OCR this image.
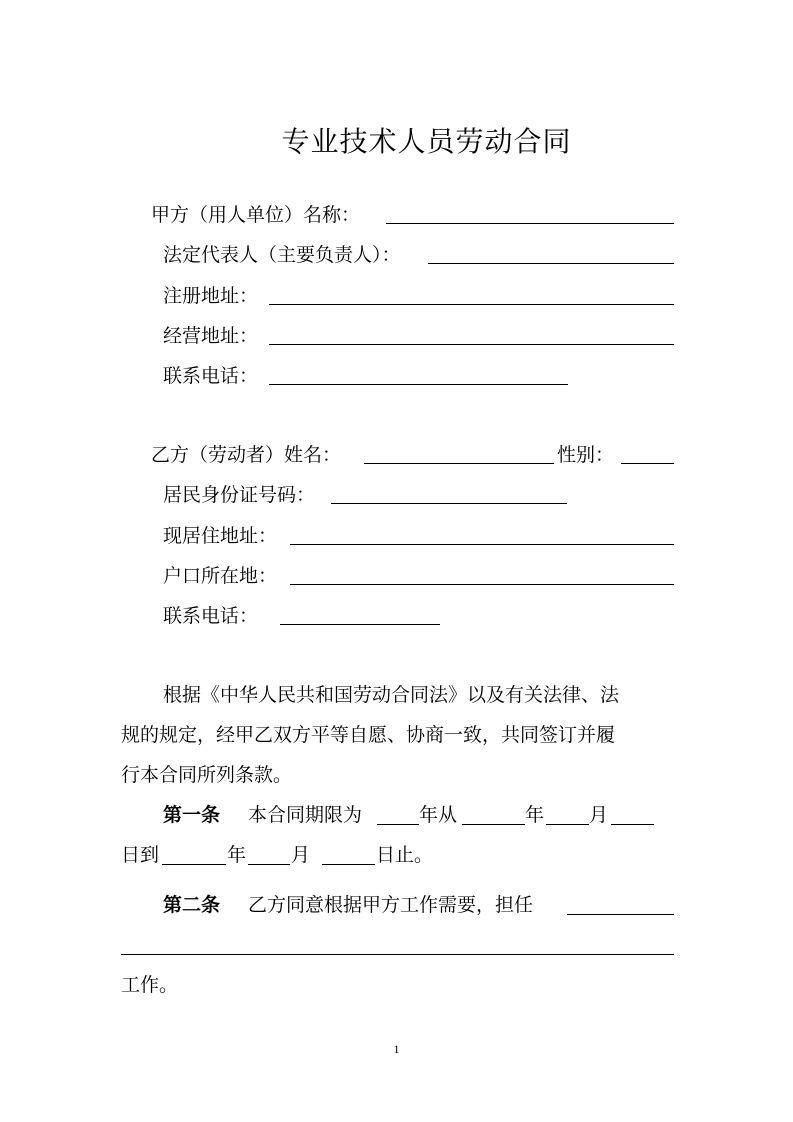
专业技术人员劳动合同
甲方（用人单位）名称：
法定代表人（主要负责人）：
注册地址：
经营地址：
联系电话：
乙方（劳动者）姓名：	性别：
居民身份证号码：
现居住地址：
户口所在地：
联系电话：
根据《中华人民共和国劳动合同法》以及有关法律、法
规的规定，经甲乙双方平等自愿、协商一致，共同签订并履
行本合同所列条款。
第一条 本合同期限为	年从	年 月
日到	年 月	日止。
第二条 乙方同意根据甲方工作需要，担任
工作。
1
